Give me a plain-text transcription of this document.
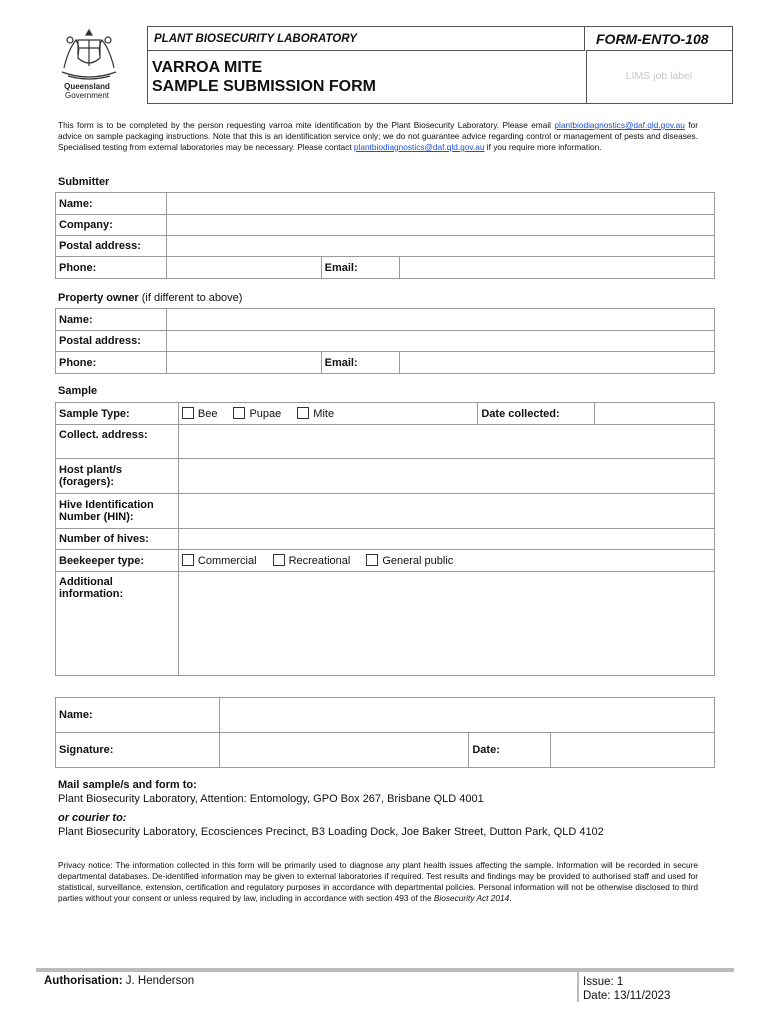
Queensland
Government
PLANT BIOSECURITY LABORATORY	FORM-ENTO-108
VARROA MITE
SAMPLE SUBMISSION FORM
LIMS job label
This form is to be completed by the person requesting varroa mite identification by the Plant Biosecurity Laboratory. Please email plantbiodiagnostics@daf.qld.gov.au for advice on sample packaging instructions. Note that this is an identification service only; we do not guarantee advice regarding control or management of pests and diseases. Specialised testing from external laboratories may be necessary. Please contact plantbiodiagnostics@daf.qld.gov.au if you require more information.
Submitter
Name:			
Company:			
Postal address:			
Phone:		Email:	
Property owner (if different to above)
Name:			
Postal address:			
Phone:		Email:	
Sample
Sample Type:	Bee Pupae Mite	Date collected:	
Collect. address:			

Host plant/s
(foragers):			

Hive Identification
Number (HIN):			

Number of hives:			
Beekeeper type:	Commercial Recreational General public		

Additional
information:			

Name:			
Signature:		Date:	
Mail sample/s and form to:
Plant Biosecurity Laboratory, Attention: Entomology, GPO Box 267, Brisbane QLD 4001
or courier to:
Plant Biosecurity Laboratory, Ecosciences Precinct, B3 Loading Dock, Joe Baker Street, Dutton Park, QLD 4102
Privacy notice: The information collected in this form will be primarily used to diagnose any plant health issues affecting the sample. Information will be recorded in secure departmental databases. De-identified information may be given to external laboratories if required. Test results and findings may be provided to authorised staff and used for statistical, surveillance, extension, certification and regulatory purposes in accordance with departmental policies. Personal information will not be otherwise disclosed to third parties without your consent or unless required by law, including in accordance with section 493 of the Biosecurity Act 2014.
Authorisation: J. Henderson	Issue: 1
Date: 13/11/2023
